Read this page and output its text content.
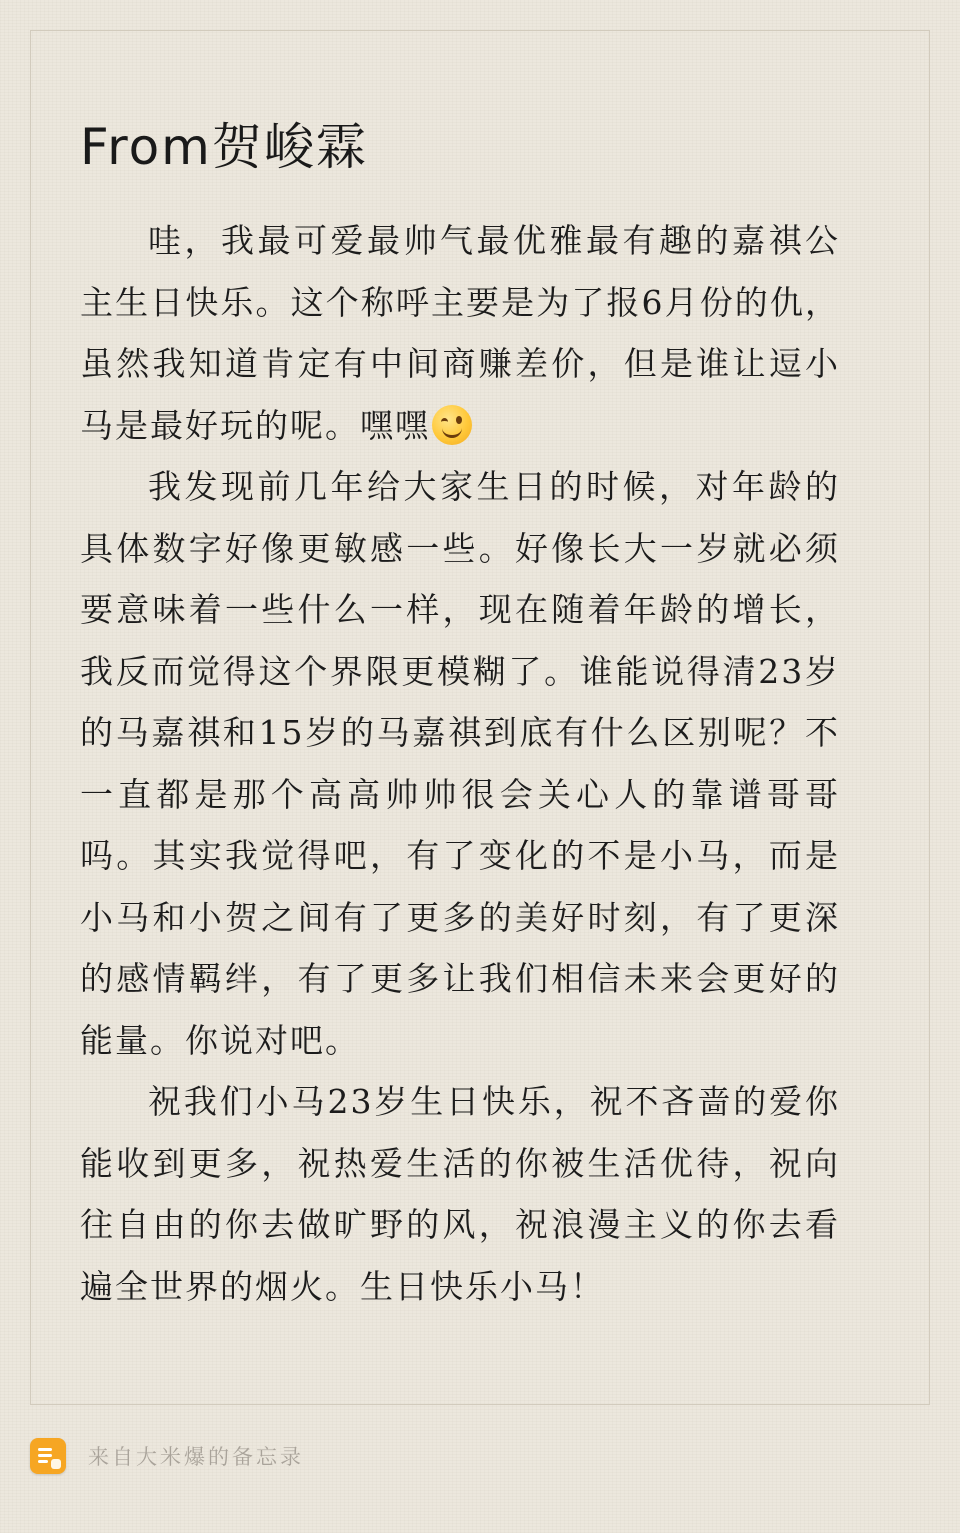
From贺峻霖

哇，我最可爱最帅气最优雅最有趣的嘉祺公主生日快乐。这个称呼主要是为了报6月份的仇，虽然我知道肯定有中间商赚差价，但是谁让逗小马是最好玩的呢。嘿嘿

我发现前几年给大家生日的时候，对年龄的具体数字好像更敏感一些。好像长大一岁就必须要意味着一些什么一样，现在随着年龄的增长，我反而觉得这个界限更模糊了。谁能说得清23岁的马嘉祺和15岁的马嘉祺到底有什么区别呢？不一直都是那个高高帅帅很会关心人的靠谱哥哥吗。其实我觉得吧，有了变化的不是小马，而是小马和小贺之间有了更多的美好时刻，有了更深的感情羁绊，有了更多让我们相信未来会更好的能量。你说对吧。

祝我们小马23岁生日快乐，祝不吝啬的爱你能收到更多，祝热爱生活的你被生活优待，祝向往自由的你去做旷野的风，祝浪漫主义的你去看遍全世界的烟火。生日快乐小马！

来自大米爆的备忘录
